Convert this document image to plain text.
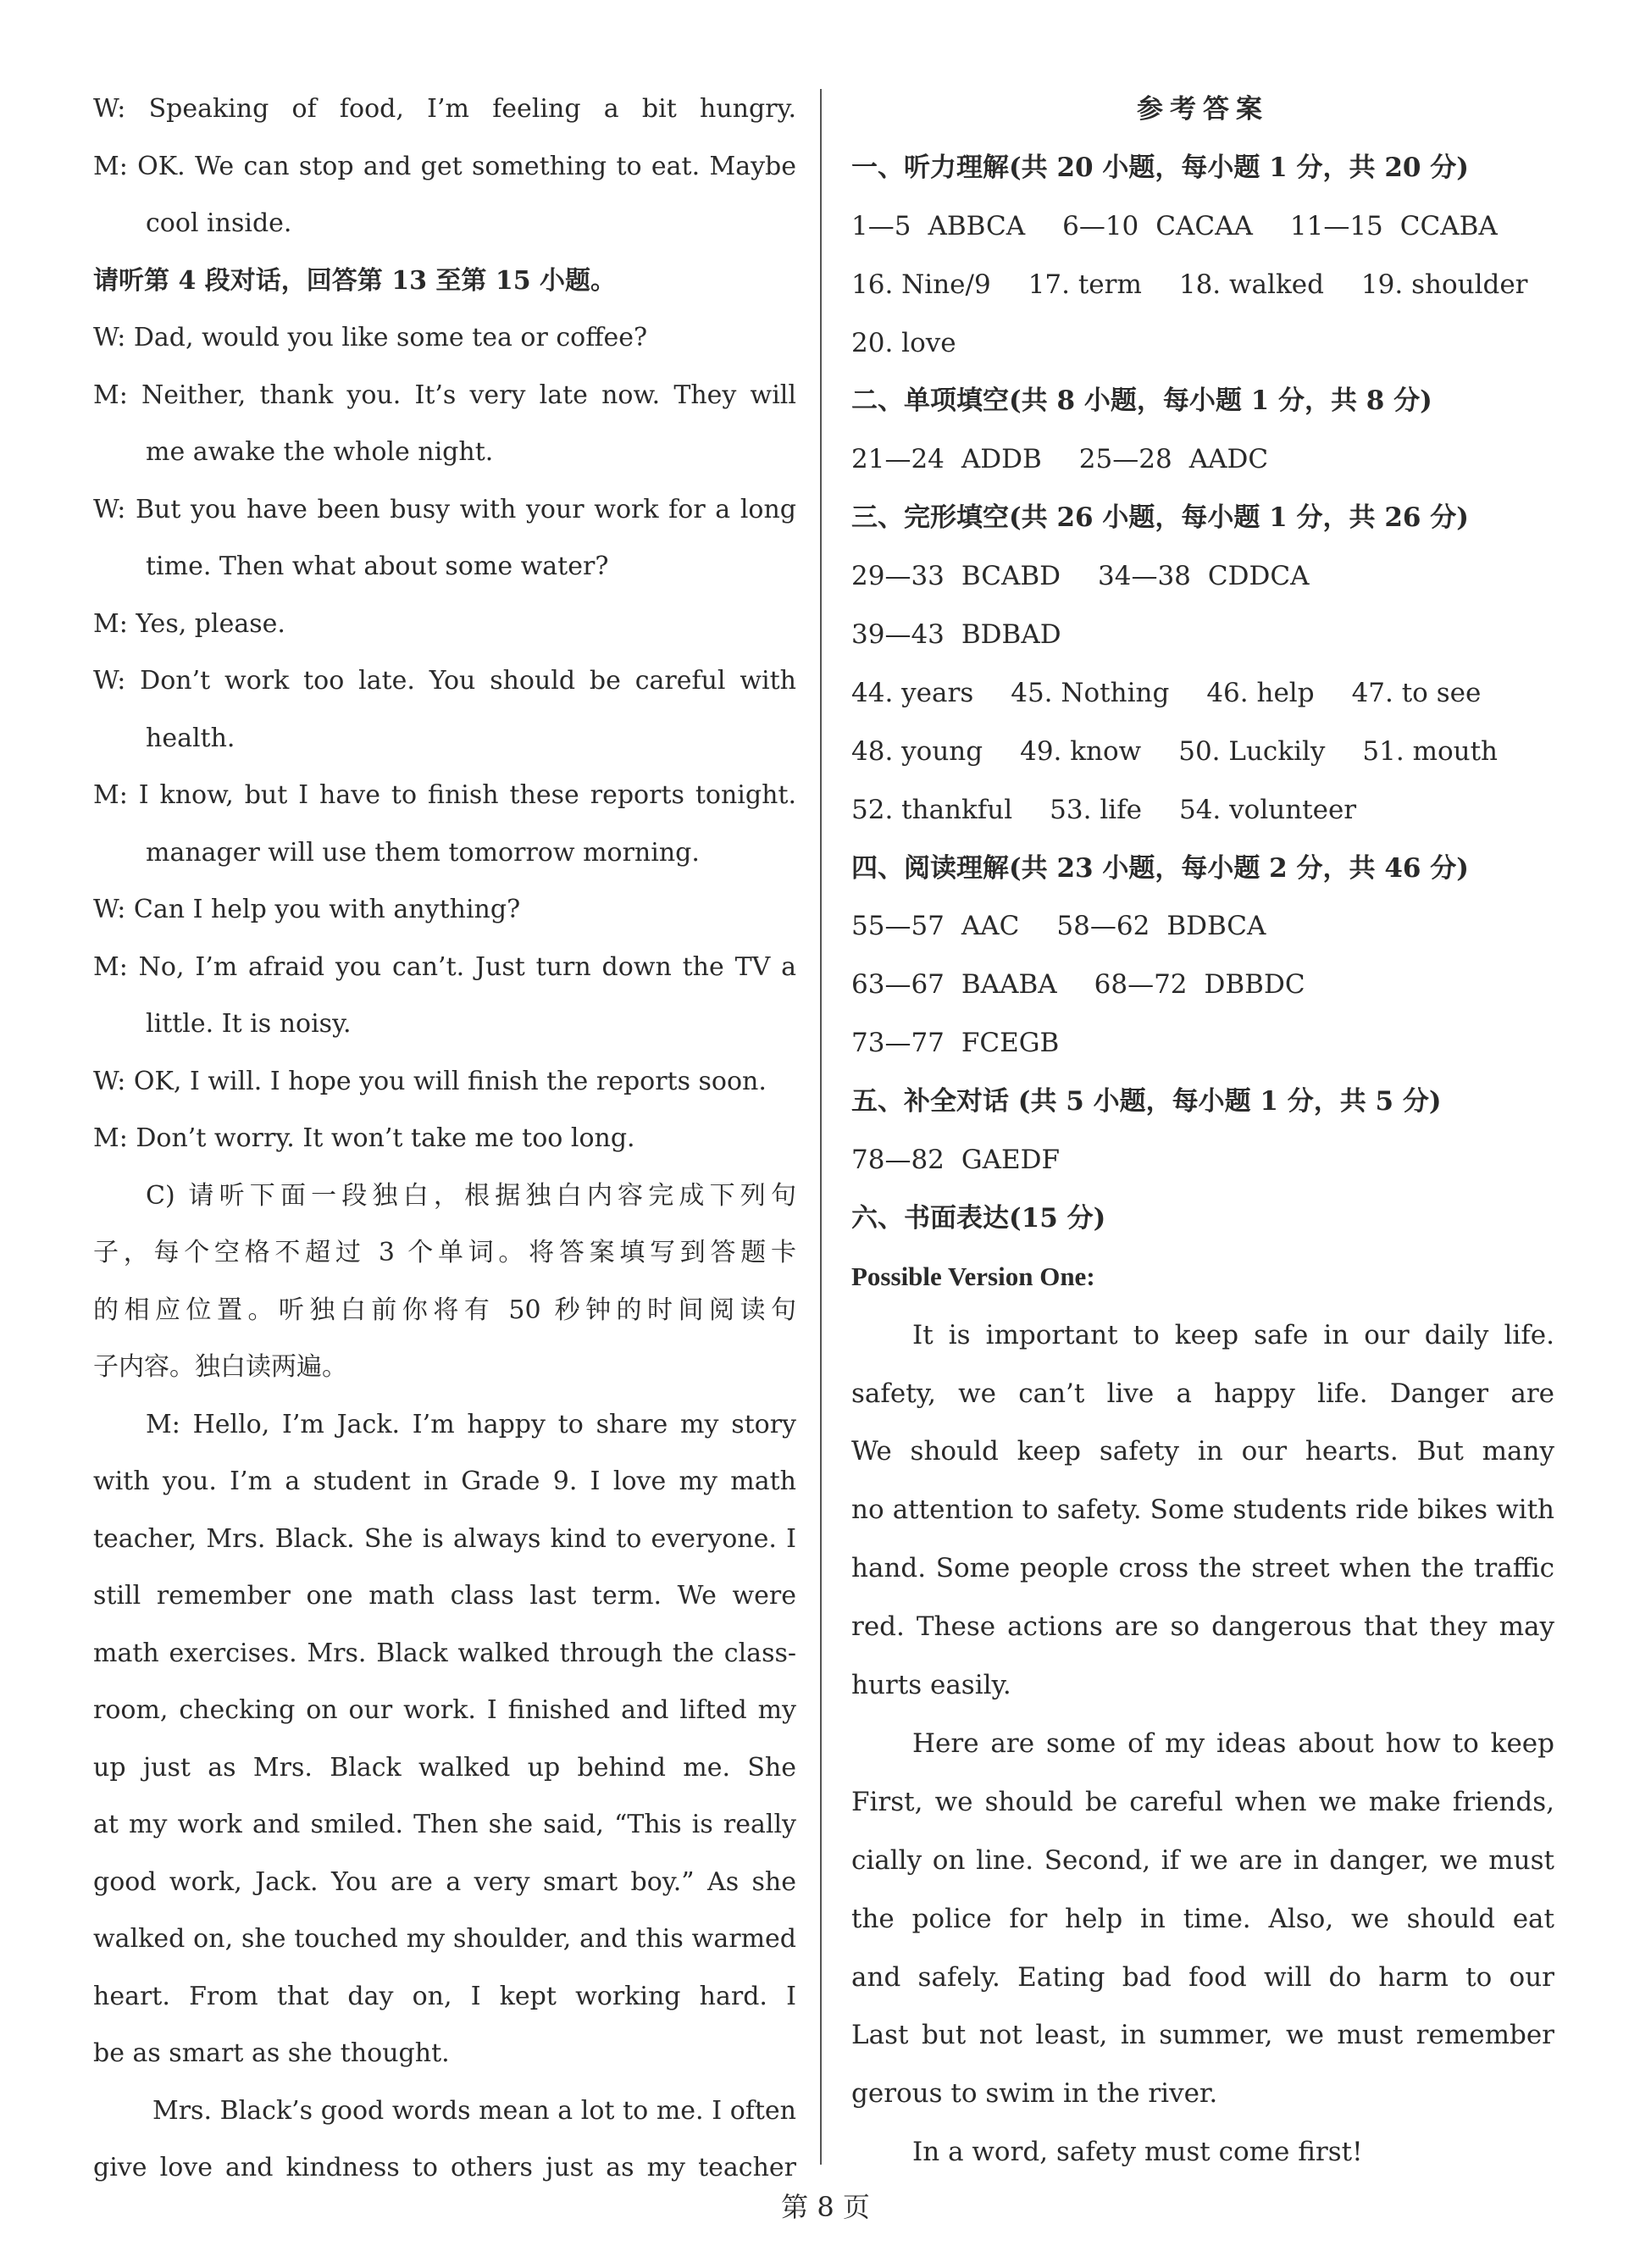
W: Speaking of food, I’m feeling a bit hungry.
M: OK. We can stop and get something to eat. Maybe
cool inside.
请听第 4 段对话，回答第 13 至第 15 小题。
W: Dad, would you like some tea or coffee?
M: Neither, thank you. It’s very late now. They will
me awake the whole night.
W: But you have been busy with your work for a long
time. Then what about some water?
M: Yes, please.
W: Don’t work too late. You should be careful with
health.
M: I know, but I have to finish these reports tonight.
manager will use them tomorrow morning.
W: Can I help you with anything?
M: No, I’m afraid you can’t. Just turn down the TV a
little. It is noisy.
W: OK, I will. I hope you will finish the reports soon.
M: Don’t worry. It won’t take me too long.
C) 请听下面一段独白，根据独白内容完成下列句
子，每个空格不超过 3 个单词。将答案填写到答题卡
的相应位置。听独白前你将有 50 秒钟的时间阅读句
子内容。独白读两遍。
M: Hello, I’m Jack. I’m happy to share my story
with you. I’m a student in Grade 9. I love my math
teacher, Mrs. Black. She is always kind to everyone. I
still remember one math class last term. We were
math exercises. Mrs. Black walked through the class-
room, checking on our work. I finished and lifted my
up just as Mrs. Black walked up behind me. She
at my work and smiled. Then she said, “This is really
good work, Jack. You are a very smart boy.” As she
walked on, she touched my shoulder, and this warmed
heart. From that day on, I kept working hard. I
be as smart as she thought.
Mrs. Black’s good words mean a lot to me. I often
give love and kindness to others just as my teacher
参考答案
一、听力理解(共 20 小题，每小题 1 分，共 20 分)
1—5 ABBCA 6—10 CACAA 11—15 CCABA
16. Nine/9 17. term 18. walked 19. shoulder
20. love
二、单项填空(共 8 小题，每小题 1 分，共 8 分)
21—24 ADDB 25—28 AADC
三、完形填空(共 26 小题，每小题 1 分，共 26 分)
29—33 BCABD 34—38 CDDCA
39—43 BDBAD
44. years 45. Nothing 46. help 47. to see
48. young 49. know 50. Luckily 51. mouth
52. thankful 53. life 54. volunteer
四、阅读理解(共 23 小题，每小题 2 分，共 46 分)
55—57 AAC 58—62 BDBCA
63—67 BAABA 68—72 DBBDC
73—77 FCEGB
五、补全对话 (共 5 小题，每小题 1 分，共 5 分)
78—82 GAEDF
六、书面表达(15 分)
Possible Version One:
It is important to keep safe in our daily life.
safety, we can’t live a happy life. Danger are
We should keep safety in our hearts. But many
no attention to safety. Some students ride bikes with
hand. Some people cross the street when the traffic
red. These actions are so dangerous that they may
hurts easily.
Here are some of my ideas about how to keep
First, we should be careful when we make friends,
cially on line. Second, if we are in danger, we must
the police for help in time. Also, we should eat
and safely. Eating bad food will do harm to our
Last but not least, in summer, we must remember
gerous to swim in the river.
In a word, safety must come first!
第 8 页
